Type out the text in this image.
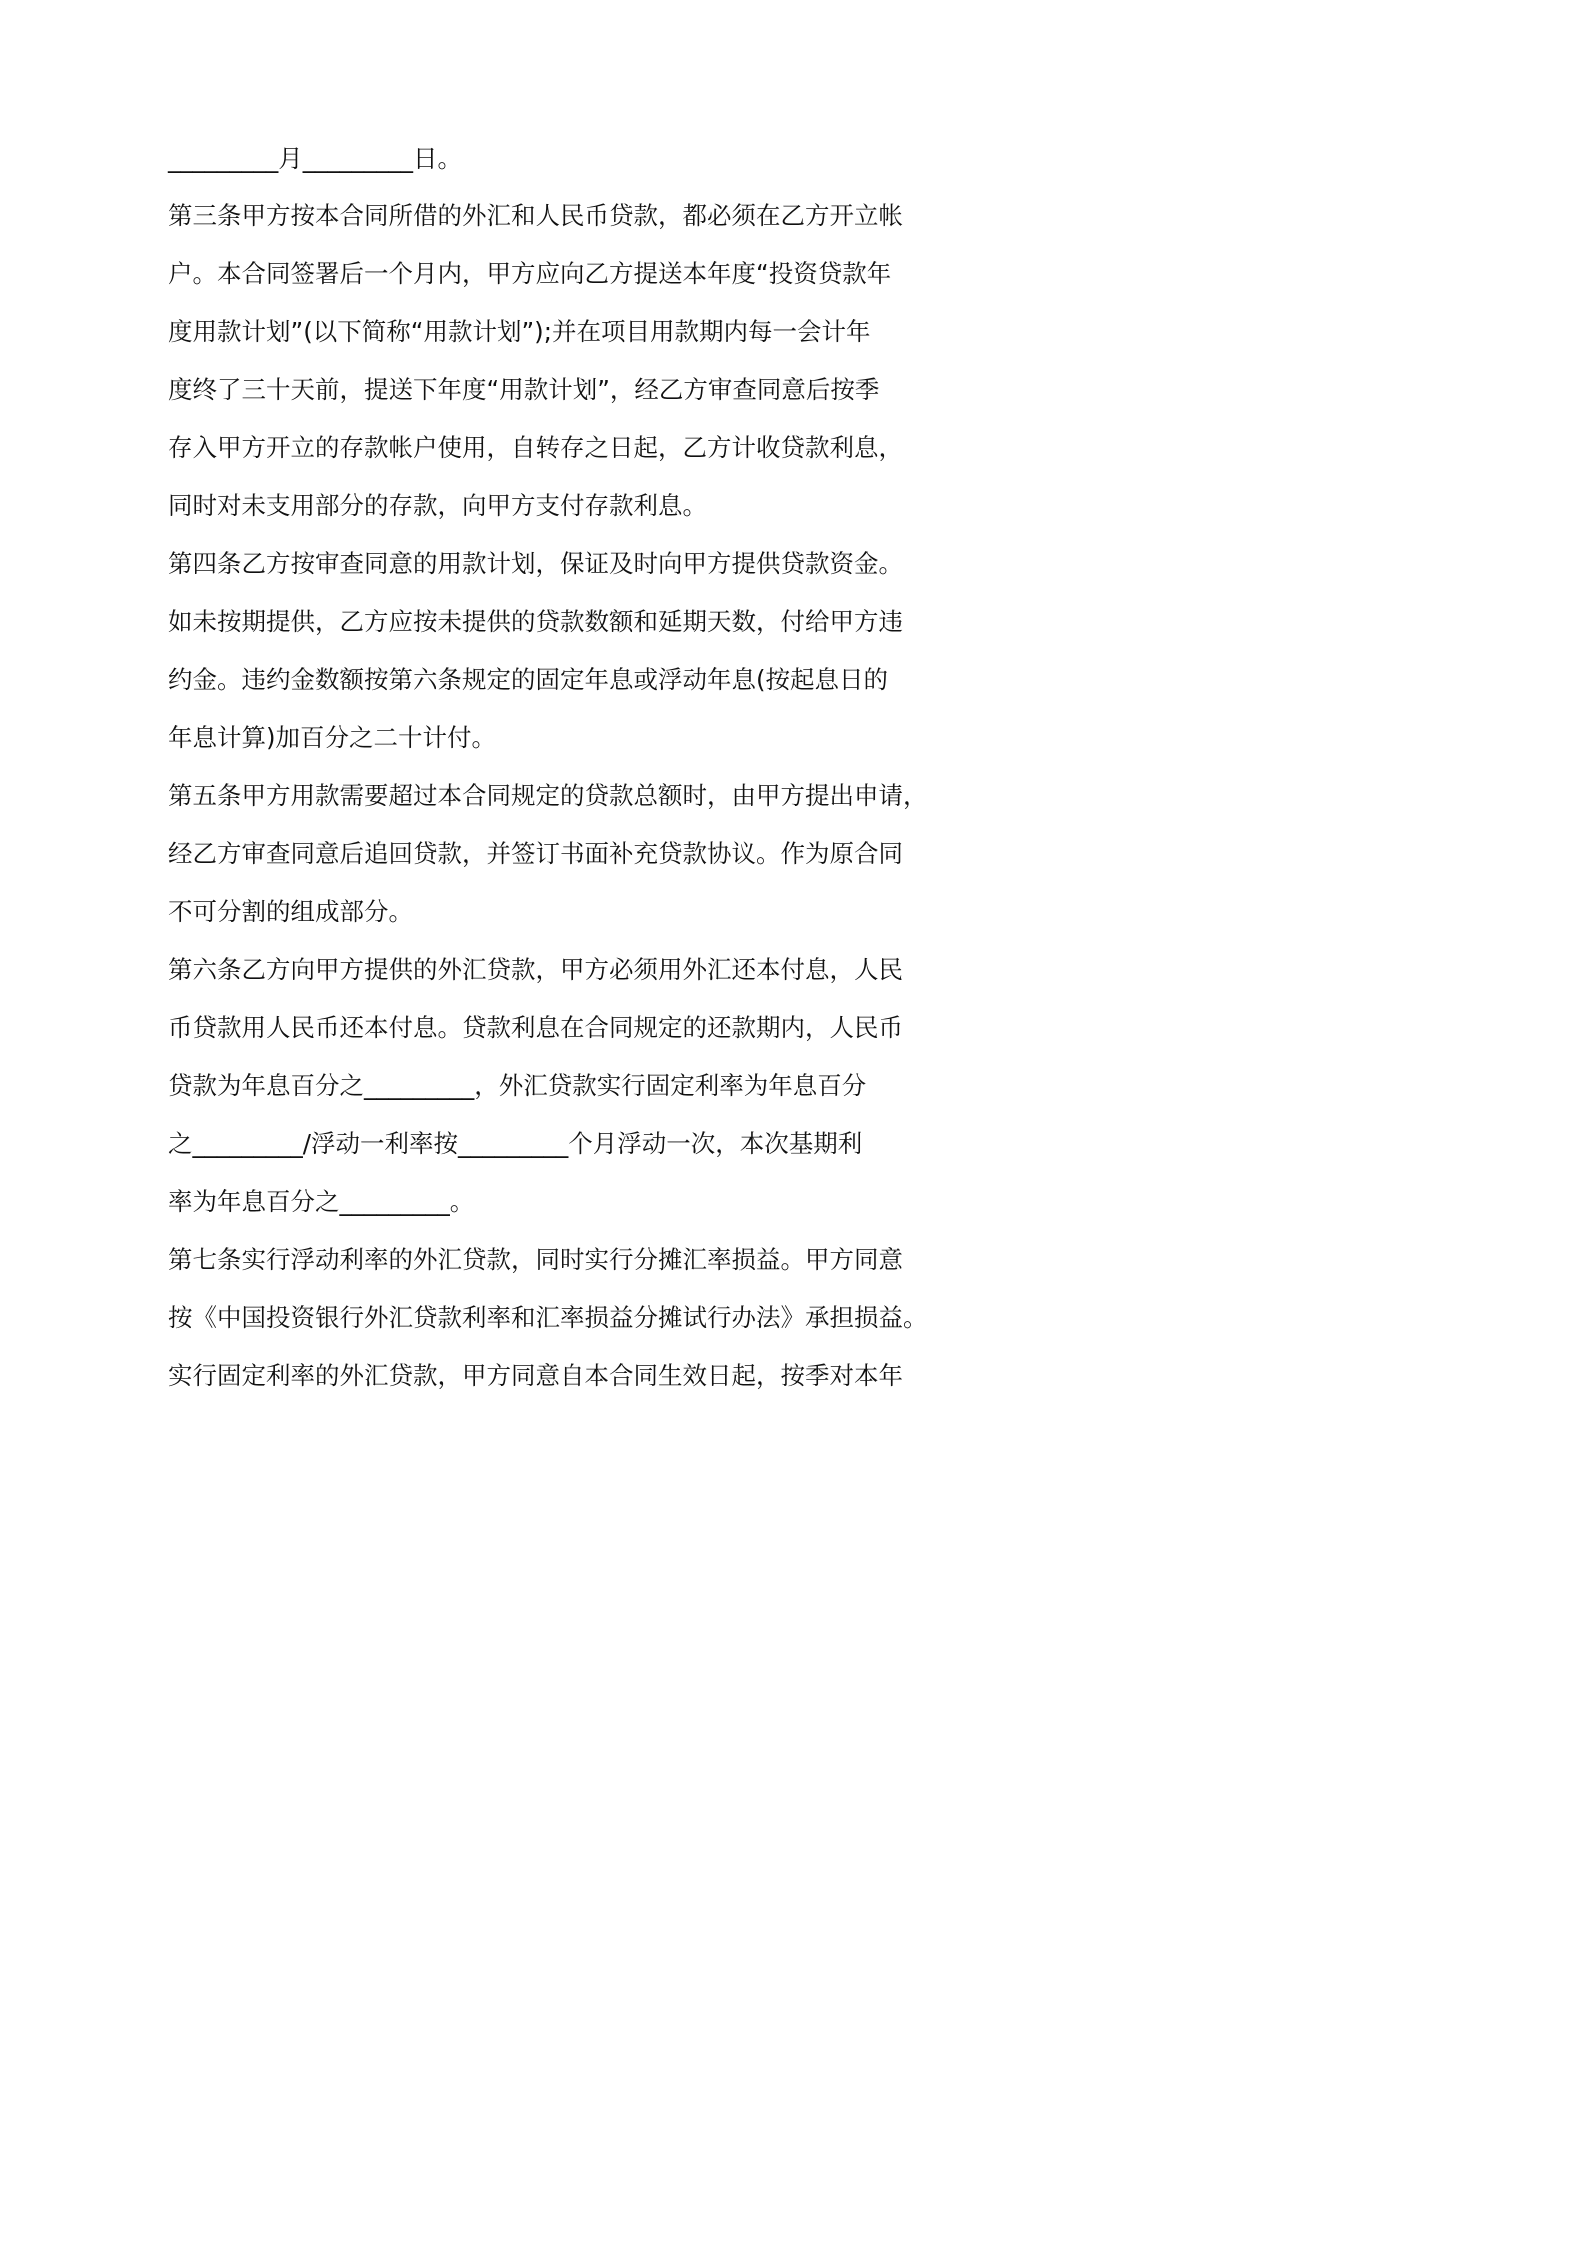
_________月_________日。
第三条甲方按本合同所借的外汇和人民币贷款，都必须在乙方开立帐
户。本合同签署后一个月内，甲方应向乙方提送本年度“投资贷款年
度用款计划”(以下简称“用款计划”);并在项目用款期内每一会计年
度终了三十天前，提送下年度“用款计划”，经乙方审查同意后按季
存入甲方开立的存款帐户使用，自转存之日起，乙方计收贷款利息，
同时对未支用部分的存款，向甲方支付存款利息。
第四条乙方按审查同意的用款计划，保证及时向甲方提供贷款资金。
如未按期提供，乙方应按未提供的贷款数额和延期天数，付给甲方违
约金。违约金数额按第六条规定的固定年息或浮动年息(按起息日的
年息计算)加百分之二十计付。
第五条甲方用款需要超过本合同规定的贷款总额时，由甲方提出申请，
经乙方审查同意后追回贷款，并签订书面补充贷款协议。作为原合同
不可分割的组成部分。
第六条乙方向甲方提供的外汇贷款，甲方必须用外汇还本付息，人民
币贷款用人民币还本付息。贷款利息在合同规定的还款期内，人民币
贷款为年息百分之_________，外汇贷款实行固定利率为年息百分
之_________/浮动一利率按_________个月浮动一次，本次基期利
率为年息百分之_________。
第七条实行浮动利率的外汇贷款，同时实行分摊汇率损益。甲方同意
按《中国投资银行外汇贷款利率和汇率损益分摊试行办法》承担损益。
实行固定利率的外汇贷款，甲方同意自本合同生效日起，按季对本年
